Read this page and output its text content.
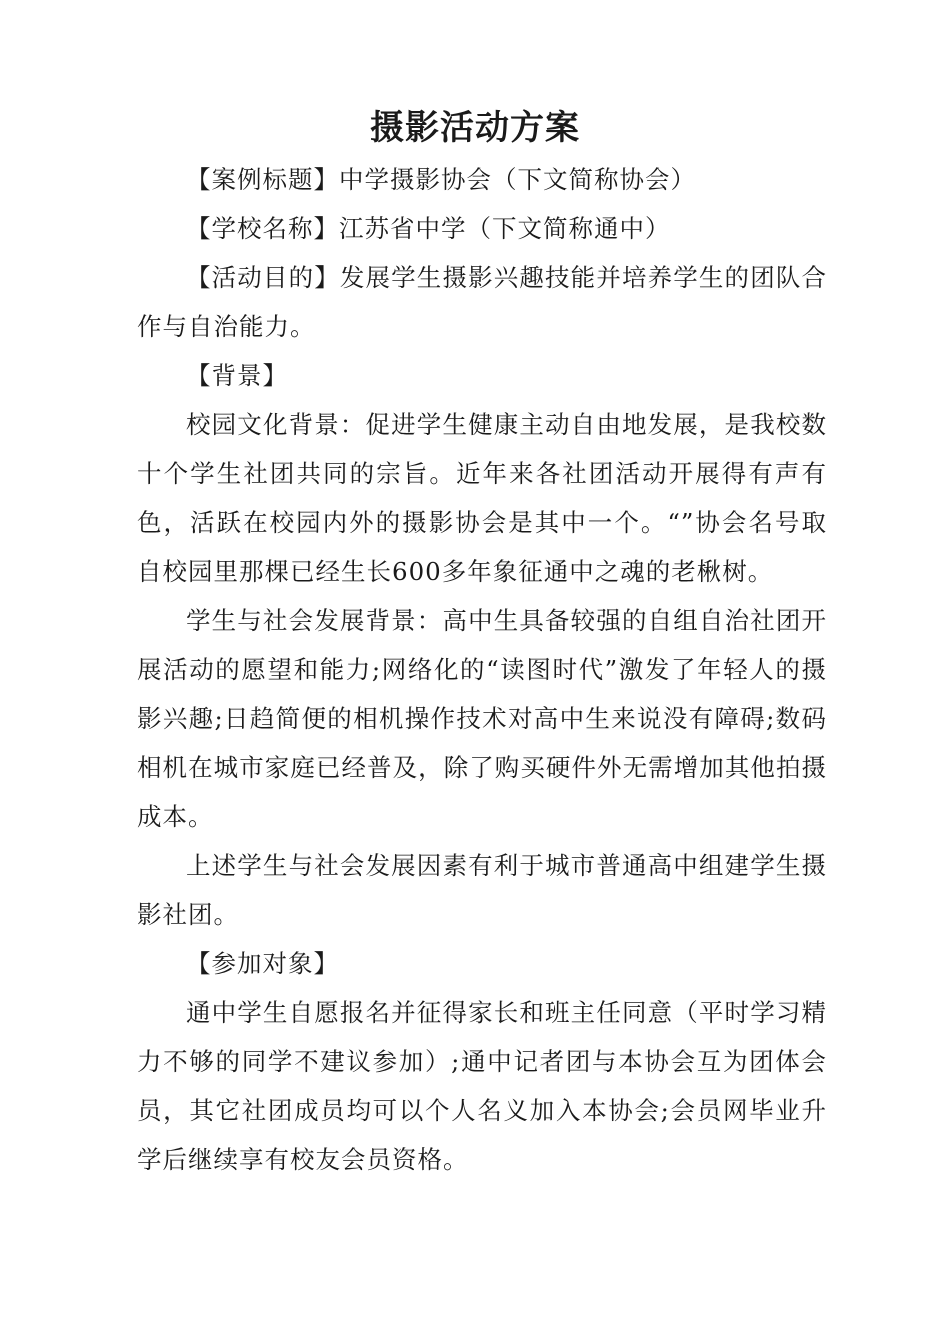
摄影活动方案

【案例标题】中学摄影协会（下文简称协会）

【学校名称】江苏省中学（下文简称通中）

【活动目的】发展学生摄影兴趣技能并培养学生的团队合作与自治能力。

【背景】

校园文化背景：促进学生健康主动自由地发展，是我校数十个学生社团共同的宗旨。近年来各社团活动开展得有声有色，活跃在校园内外的摄影协会是其中一个。“”协会名号取自校园里那棵已经生长600多年象征通中之魂的老楸树。

学生与社会发展背景：高中生具备较强的自组自治社团开展活动的愿望和能力;网络化的“读图时代”激发了年轻人的摄影兴趣;日趋简便的相机操作技术对高中生来说没有障碍;数码相机在城市家庭已经普及，除了购买硬件外无需增加其他拍摄成本。

上述学生与社会发展因素有利于城市普通高中组建学生摄影社团。

【参加对象】

通中学生自愿报名并征得家长和班主任同意（平时学习精力不够的同学不建议参加）;通中记者团与本协会互为团体会员，其它社团成员均可以个人名义加入本协会;会员网毕业升学后继续享有校友会员资格。
